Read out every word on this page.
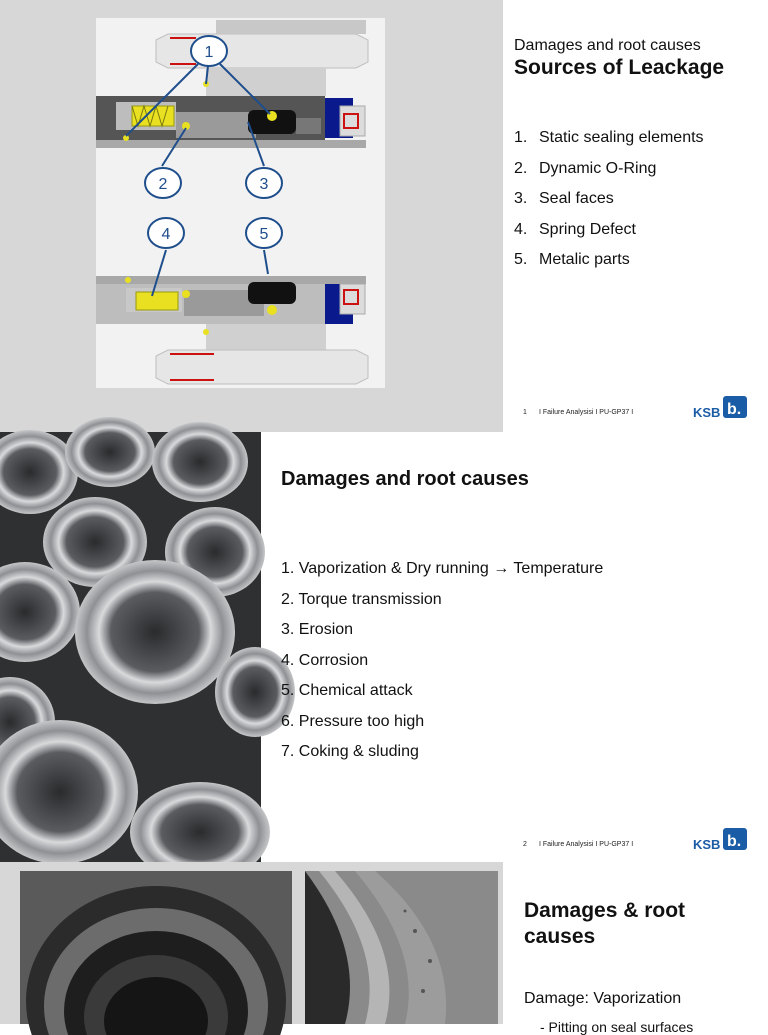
1
2	3
4	5
Damages and root causes
Sources of Leackage
1. Static sealing elements
2. Dynamic O-Ring
3. Seal faces
4. Spring Defect
5. Metalic parts
1 I Failure Analysisi I PU-GP37 I	KSB b.
Damages and root causes
1. Vaporization & Dry running → Temperature
2. Torque transmission
3. Erosion
4. Corrosion
5. Chemical attack
6. Pressure too high
7. Coking & sluding
2 I Failure Analysisi I PU-GP37 I	KSB b.
Damages & root causes
Damage: Vaporization
- Pitting on seal surfaces
